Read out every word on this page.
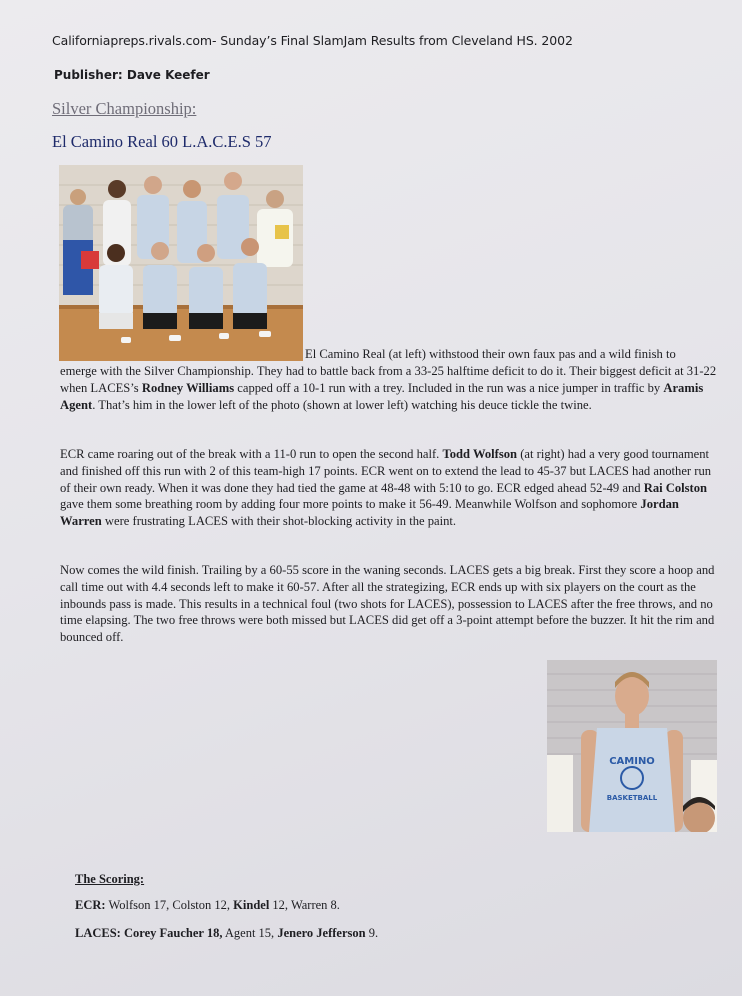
Californiapreps.rivals.com- Sunday’s Final SlamJam Results from Cleveland HS. 2002
Publisher: Dave Keefer
Silver Championship:
El Camino Real 60 L.A.C.E.S 57
El Camino Real (at left) withstood their own faux pas and a wild finish to
emerge with the Silver Championship. They had to battle back from a 33-25 halftime deficit to do it. Their biggest deficit at 31-22 when LACES’s Rodney Williams capped off a 10-1 run with a trey. Included in the run was a nice jumper in traffic by Aramis Agent. That’s him in the lower left of the photo (shown at lower left) watching his deuce tickle the twine.
ECR came roaring out of the break with a 11-0 run to open the second half. Todd Wolfson (at right) had a very good tournament and finished off this run with 2 of this team-high 17 points. ECR went on to extend the lead to 45-37 but LACES had another run of their own ready. When it was done they had tied the game at 48-48 with 5:10 to go. ECR edged ahead 52-49 and Rai Colston gave them some breathing room by adding four more points to make it 56-49. Meanwhile Wolfson and sophomore Jordan Warren were frustrating LACES with their shot-blocking activity in the paint.
Now comes the wild finish. Trailing by a 60-55 score in the waning seconds. LACES gets a big break. First they score a hoop and call time out with 4.4 seconds left to make it 60-57. After all the strategizing, ECR ends up with six players on the court as the inbounds pass is made. This results in a technical foul (two shots for LACES), possession to LACES after the free throws, and no time elapsing. The two free throws were both missed but LACES did get off a 3-point attempt before the buzzer. It hit the rim and bounced off.
CAMINO
BASKETBALL
The Scoring:
ECR: Wolfson 17, Colston 12, Kindel 12, Warren 8.
LACES: Corey Faucher 18, Agent 15, Jenero Jefferson 9.
